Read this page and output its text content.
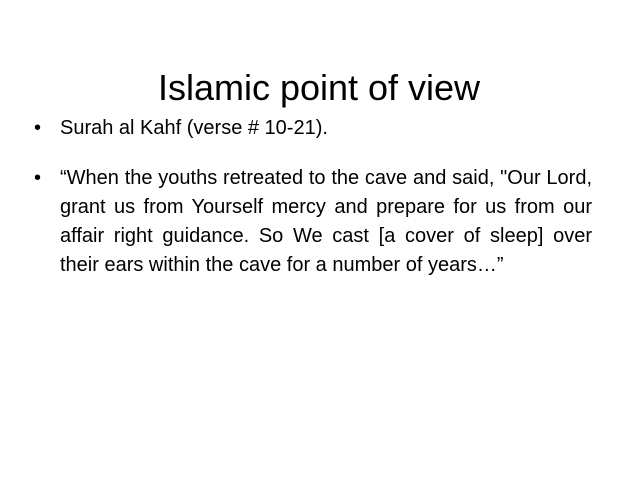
Islamic point of view
• Surah al Kahf (verse # 10-21).
• “When the youths retreated to the cave and said, "Our Lord, grant us from Yourself mercy and prepare for us from our affair right guidance. So We cast [a cover of sleep] over their ears within the cave for a number of years…”
